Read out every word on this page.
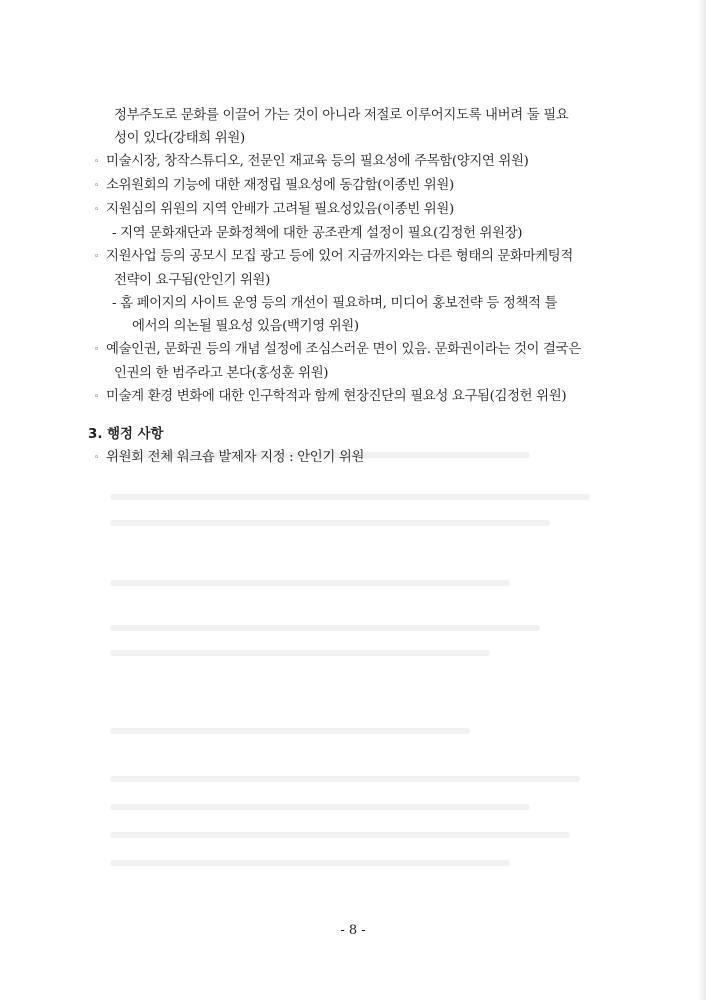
정부주도로 문화를 이끌어 가는 것이 아니라 저절로 이루어지도록 내버려 둘 필요
성이 있다(강태희 위원)
◦ 미술시장, 창작스튜디오, 전문인 재교육 등의 필요성에 주목함(양지연 위원)
◦ 소위원회의 기능에 대한 재정립 필요성에 동감함(이종빈 위원)
◦ 지원심의 위원의 지역 안배가 고려될 필요성있음(이종빈 위원)
- 지역 문화재단과 문화정책에 대한 공조관계 설정이 필요(김정헌 위원장)
◦ 지원사업 등의 공모시 모집 광고 등에 있어 지금까지와는 다른 형태의 문화마케팅적
전략이 요구됨(안인기 위원)
- 홈 페이지의 사이트 운영 등의 개선이 필요하며, 미디어 홍보전략 등 정책적 틀
에서의 의논될 필요성 있음(백기영 위원)
◦ 예술인권, 문화권 등의 개념 설정에 조심스러운 면이 있음. 문화권이라는 것이 결국은
인권의 한 범주라고 본다(홍성훈 위원)
◦ 미술계 환경 변화에 대한 인구학적과 함께 현장진단의 필요성 요구됨(김정헌 위원)
3. 행정 사항
◦ 위원회 전체 워크숍 발제자 지정 : 안인기 위원
- 8 -
